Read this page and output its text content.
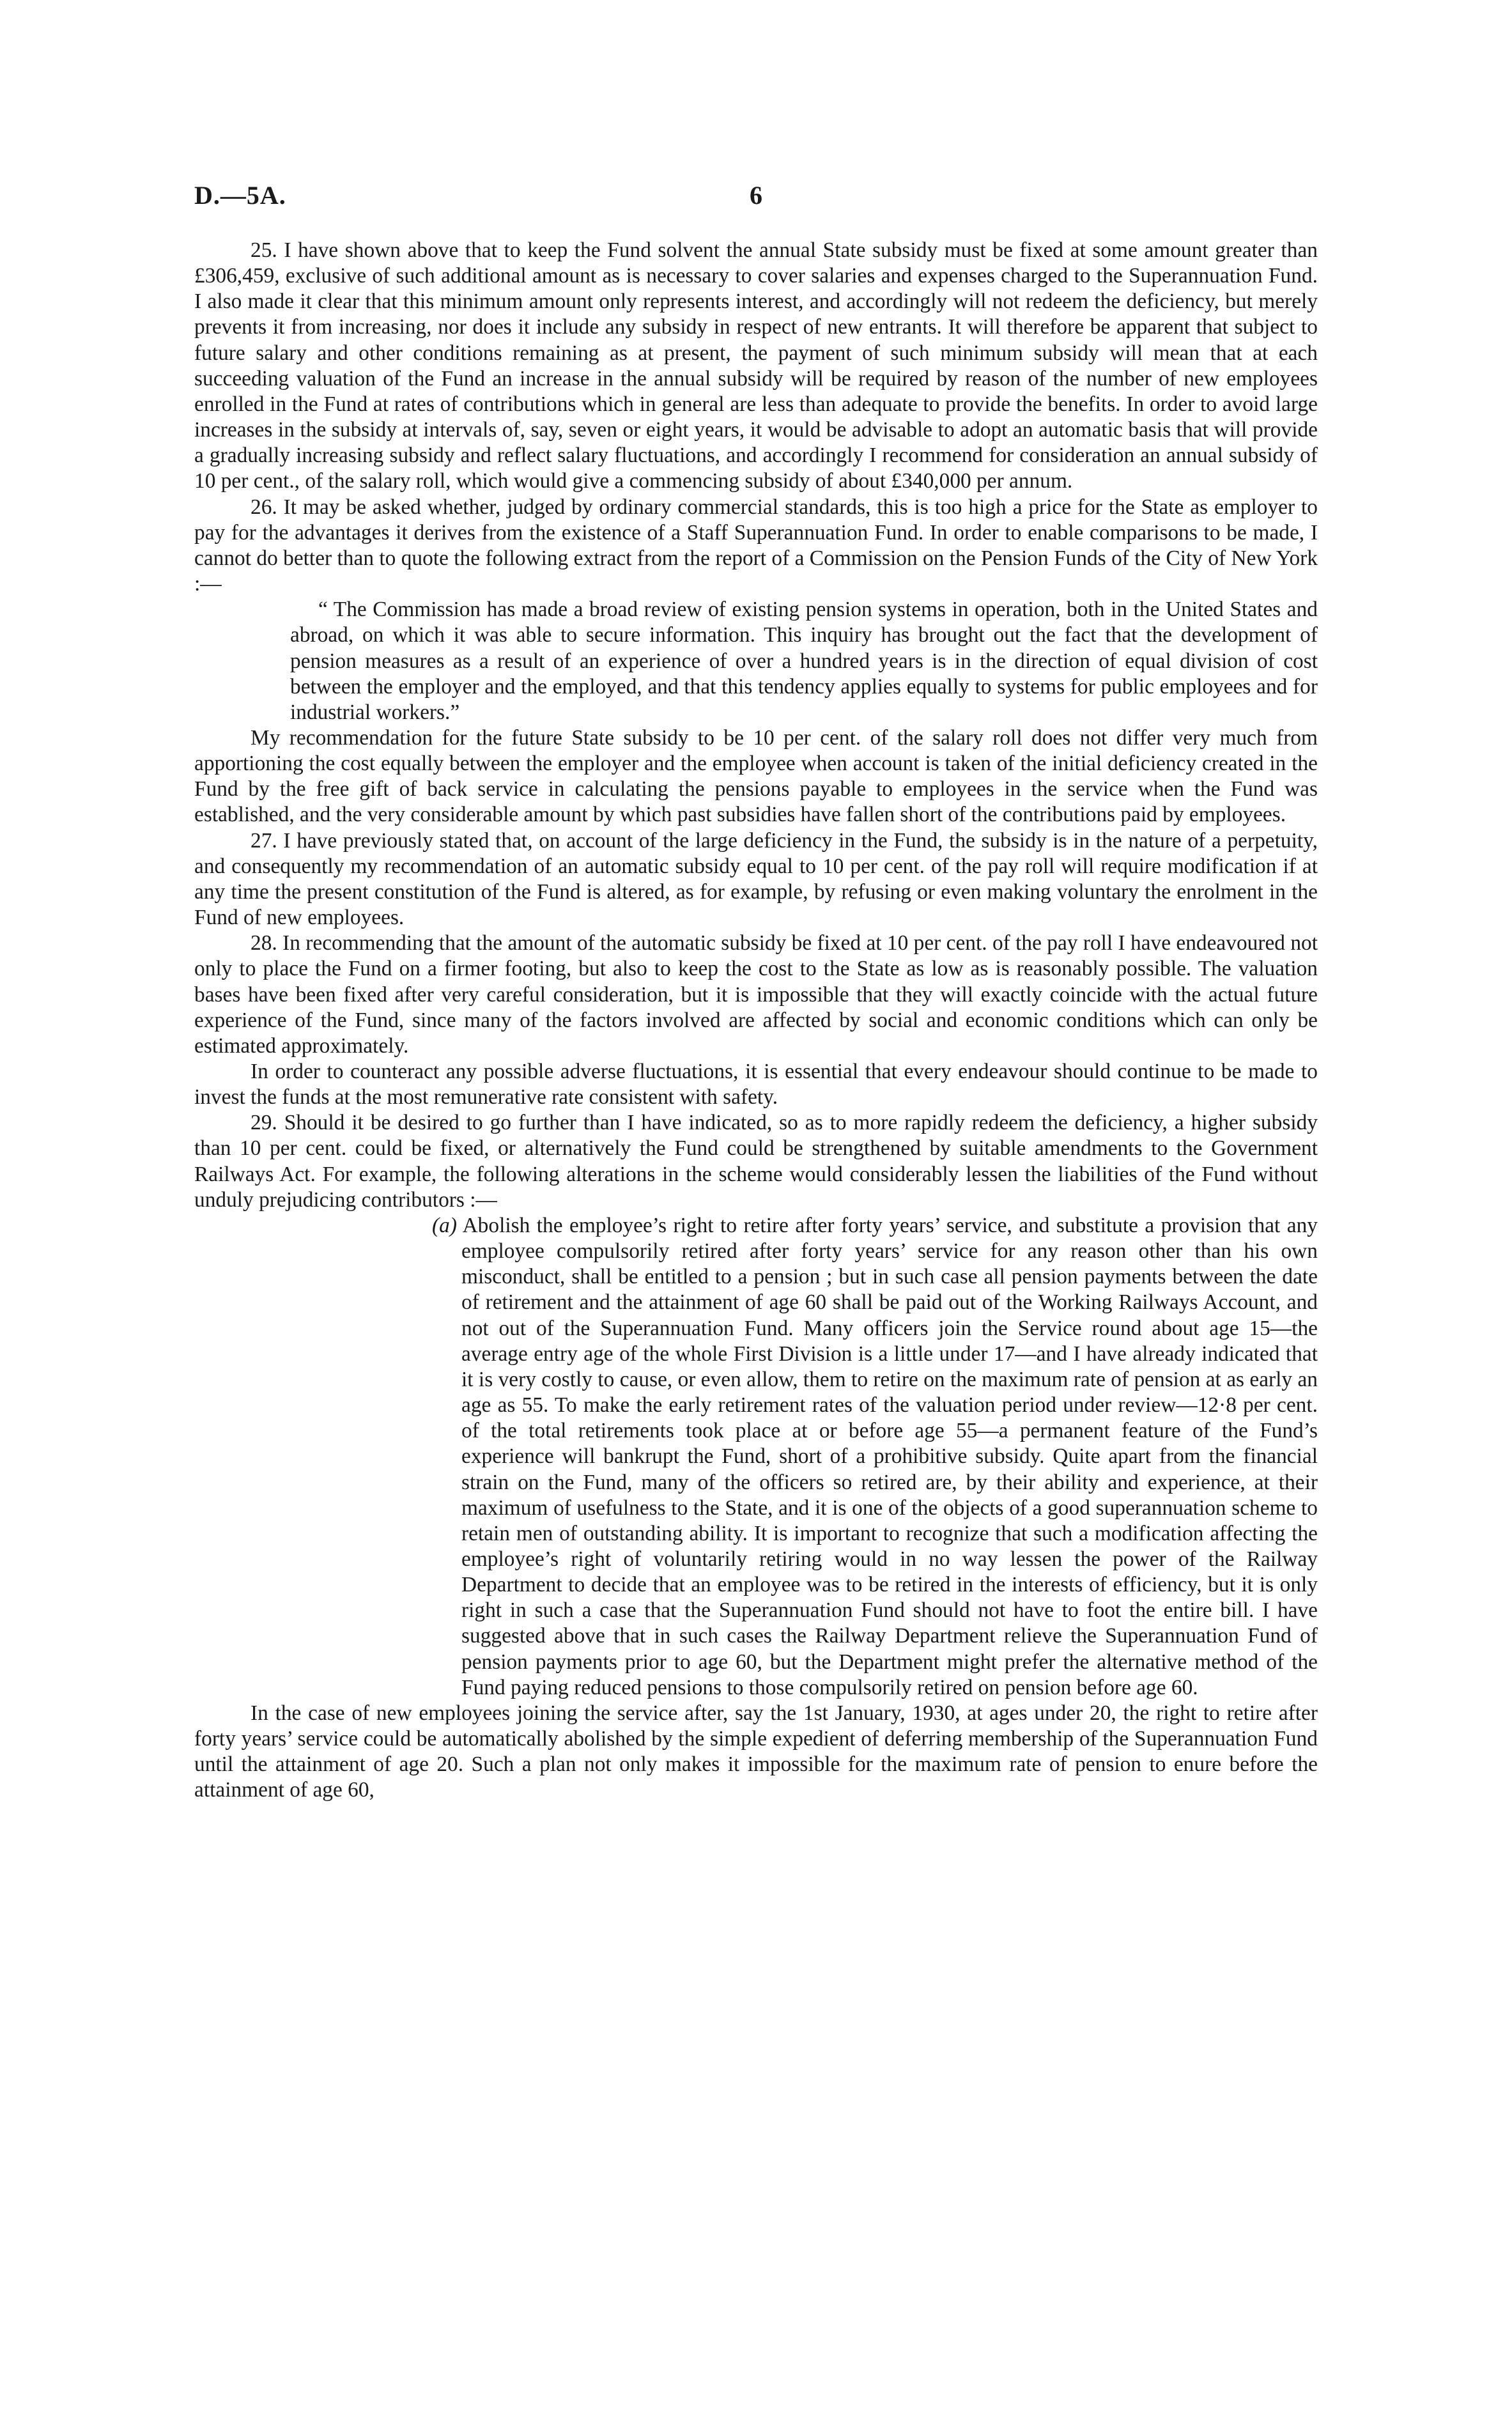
D.—5A.	6

25. I have shown above that to keep the Fund solvent the annual State subsidy must be fixed at some amount greater than £306,459, exclusive of such additional amount as is necessary to cover salaries and expenses charged to the Superannuation Fund. I also made it clear that this minimum amount only represents interest, and accordingly will not redeem the deficiency, but merely prevents it from increasing, nor does it include any subsidy in respect of new entrants. It will therefore be apparent that subject to future salary and other conditions remaining as at present, the payment of such minimum subsidy will mean that at each succeeding valuation of the Fund an increase in the annual subsidy will be required by reason of the number of new employees enrolled in the Fund at rates of contributions which in general are less than adequate to provide the benefits. In order to avoid large increases in the subsidy at intervals of, say, seven or eight years, it would be advisable to adopt an automatic basis that will provide a gradually increasing subsidy and reflect salary fluctuations, and accordingly I recommend for consideration an annual subsidy of 10 per cent., of the salary roll, which would give a commencing subsidy of about £340,000 per annum.

26. It may be asked whether, judged by ordinary commercial standards, this is too high a price for the State as employer to pay for the advantages it derives from the existence of a Staff Superannuation Fund. In order to enable comparisons to be made, I cannot do better than to quote the following extract from the report of a Commission on the Pension Funds of the City of New York :—

“ The Commission has made a broad review of existing pension systems in operation, both in the United States and abroad, on which it was able to secure information. This inquiry has brought out the fact that the development of pension measures as a result of an experience of over a hundred years is in the direction of equal division of cost between the employer and the employed, and that this tendency applies equally to systems for public employees and for industrial workers.”

My recommendation for the future State subsidy to be 10 per cent. of the salary roll does not differ very much from apportioning the cost equally between the employer and the employee when account is taken of the initial deficiency created in the Fund by the free gift of back service in calculating the pensions payable to employees in the service when the Fund was established, and the very considerable amount by which past subsidies have fallen short of the contributions paid by employees.

27. I have previously stated that, on account of the large deficiency in the Fund, the subsidy is in the nature of a perpetuity, and consequently my recommendation of an automatic subsidy equal to 10 per cent. of the pay roll will require modification if at any time the present constitution of the Fund is altered, as for example, by refusing or even making voluntary the enrolment in the Fund of new employees.

28. In recommending that the amount of the automatic subsidy be fixed at 10 per cent. of the pay roll I have endeavoured not only to place the Fund on a firmer footing, but also to keep the cost to the State as low as is reasonably possible. The valuation bases have been fixed after very careful consideration, but it is impossible that they will exactly coincide with the actual future experience of the Fund, since many of the factors involved are affected by social and economic conditions which can only be estimated approximately.

In order to counteract any possible adverse fluctuations, it is essential that every endeavour should continue to be made to invest the funds at the most remunerative rate consistent with safety.

29. Should it be desired to go further than I have indicated, so as to more rapidly redeem the deficiency, a higher subsidy than 10 per cent. could be fixed, or alternatively the Fund could be strengthened by suitable amendments to the Government Railways Act. For example, the following alterations in the scheme would considerably lessen the liabilities of the Fund without unduly prejudicing contributors :—

(a) Abolish the employee’s right to retire after forty years’ service, and substitute a provision that any employee compulsorily retired after forty years’ service for any reason other than his own misconduct, shall be entitled to a pension ; but in such case all pension payments between the date of retirement and the attainment of age 60 shall be paid out of the Working Railways Account, and not out of the Superannuation Fund. Many officers join the Service round about age 15—the average entry age of the whole First Division is a little under 17—and I have already indicated that it is very costly to cause, or even allow, them to retire on the maximum rate of pension at as early an age as 55. To make the early retirement rates of the valuation period under review—12·8 per cent. of the total retirements took place at or before age 55—a permanent feature of the Fund’s experience will bankrupt the Fund, short of a prohibitive subsidy. Quite apart from the financial strain on the Fund, many of the officers so retired are, by their ability and experience, at their maximum of usefulness to the State, and it is one of the objects of a good superannuation scheme to retain men of outstanding ability. It is important to recognize that such a modification affecting the employee’s right of voluntarily retiring would in no way lessen the power of the Railway Department to decide that an employee was to be retired in the interests of efficiency, but it is only right in such a case that the Superannuation Fund should not have to foot the entire bill. I have suggested above that in such cases the Railway Department relieve the Superannuation Fund of pension payments prior to age 60, but the Department might prefer the alternative method of the Fund paying reduced pensions to those compulsorily retired on pension before age 60.

In the case of new employees joining the service after, say the 1st January, 1930, at ages under 20, the right to retire after forty years’ service could be automatically abolished by the simple expedient of deferring membership of the Superannuation Fund until the attainment of age 20. Such a plan not only makes it impossible for the maximum rate of pension to enure before the attainment of age 60,
